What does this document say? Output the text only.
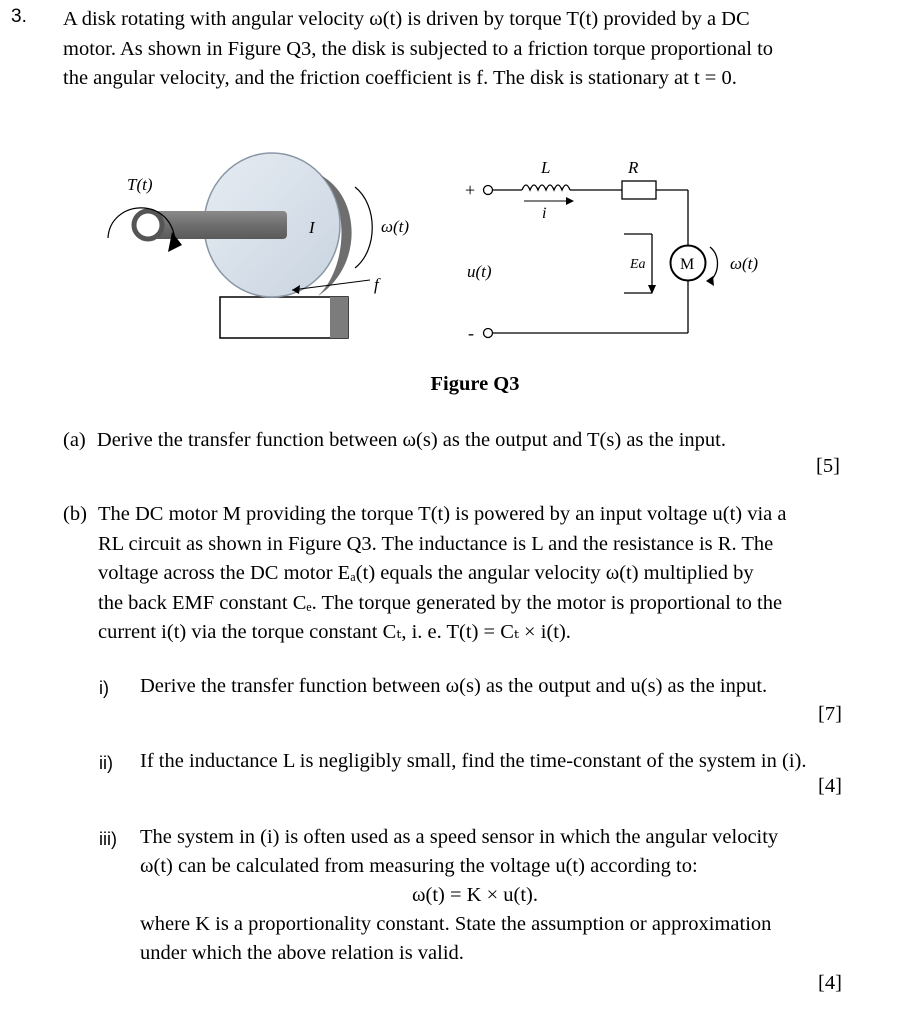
3. A disk rotating with angular velocity ω(t) is driven by torque T(t) provided by a DC
motor. As shown in Figure Q3, the disk is subjected to a friction torque proportional to
the angular velocity, and the friction coefficient is f. The disk is stationary at t = 0.
T(t)
I	ω(t)
f
+
-
L	R
i
u(t)	Ea M ω(t)
Figure Q3
(a) Derive the transfer function between ω(s) as the output and T(s) as the input.
[5]
(b) The DC motor M providing the torque T(t) is powered by an input voltage u(t) via a
RL circuit as shown in Figure Q3. The inductance is L and the resistance is R. The
voltage across the DC motor Eₐ(t) equals the angular velocity ω(t) multiplied by
the back EMF constant Cₑ. The torque generated by the motor is proportional to the
current i(t) via the torque constant Cₜ, i. e. T(t) = Cₜ × i(t).
i) Derive the transfer function between ω(s) as the output and u(s) as the input.
[7]
ii) If the inductance L is negligibly small, find the time-constant of the system in (i).
[4]
iii) The system in (i) is often used as a speed sensor in which the angular velocity
ω(t) can be calculated from measuring the voltage u(t) according to:
ω(t) = K × u(t).
where K is a proportionality constant. State the assumption or approximation
under which the above relation is valid.
[4]
